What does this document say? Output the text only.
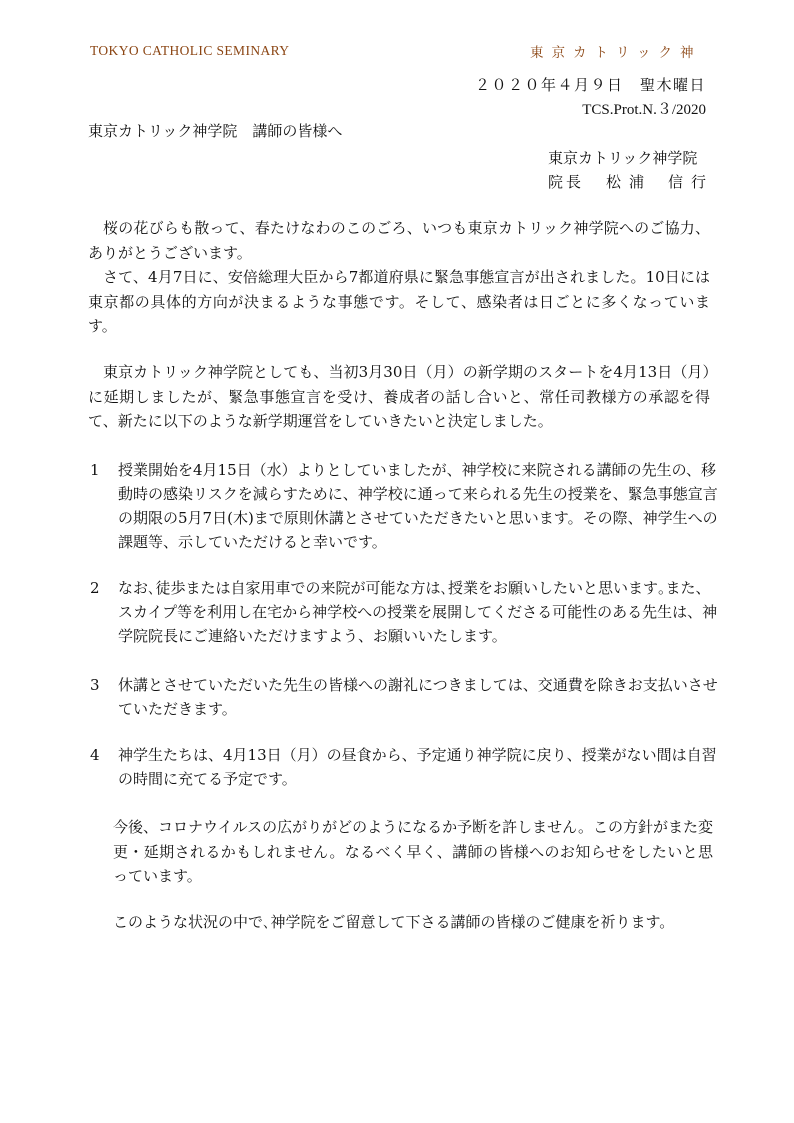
TOKYO CATHOLIC SEMINARY	東京カトリック神
２０２０年４月９日　聖木曜日
TCS.Prot.N.３/2020
東京カトリック神学院　講師の皆様へ
東京カトリック神学院
院長 松浦 信行

桜の花びらも散って、春たけなわのこのごろ、いつも東京カトリック神学院へのご協力、ありがとうございます。

さて、4月7日に、安倍総理大臣から7都道府県に緊急事態宣言が出されました。10日には東京都の具体的方向が決まるような事態です。そして、感染者は日ごとに多くなっています。

東京カトリック神学院としても、当初3月30日（月）の新学期のスタートを4月13日（月）に延期しましたが、緊急事態宣言を受け、養成者の話し合いと、常任司教様方の承認を得て、新たに以下のような新学期運営をしていきたいと決定しました。

1 授業開始を4月15日（水）よりとしていましたが、神学校に来院される講師の先生の、移動時の感染リスクを減らすために、神学校に通って来られる先生の授業を、緊急事態宣言の期限の5月7日(木)まで原則休講とさせていただきたいと思います。その際、神学生への課題等、示していただけると幸いです。
2 なお､徒歩または自家用車での来院が可能な方は､授業をお願いしたいと思います｡また、スカイプ等を利用し在宅から神学校への授業を展開してくださる可能性のある先生は、神学院院長にご連絡いただけますよう、お願いいたします。
3 休講とさせていただいた先生の皆様への謝礼につきましては、交通費を除きお支払いさせていただきます。
4 神学生たちは、4月13日（月）の昼食から、予定通り神学院に戻り、授業がない間は自習の時間に充てる予定です。

今後、コロナウイルスの広がりがどのようになるか予断を許しません。この方針がまた変更・延期されるかもしれません。なるべく早く、講師の皆様へのお知らせをしたいと思っています。

このような状況の中で､神学院をご留意して下さる講師の皆様のご健康を祈ります。
